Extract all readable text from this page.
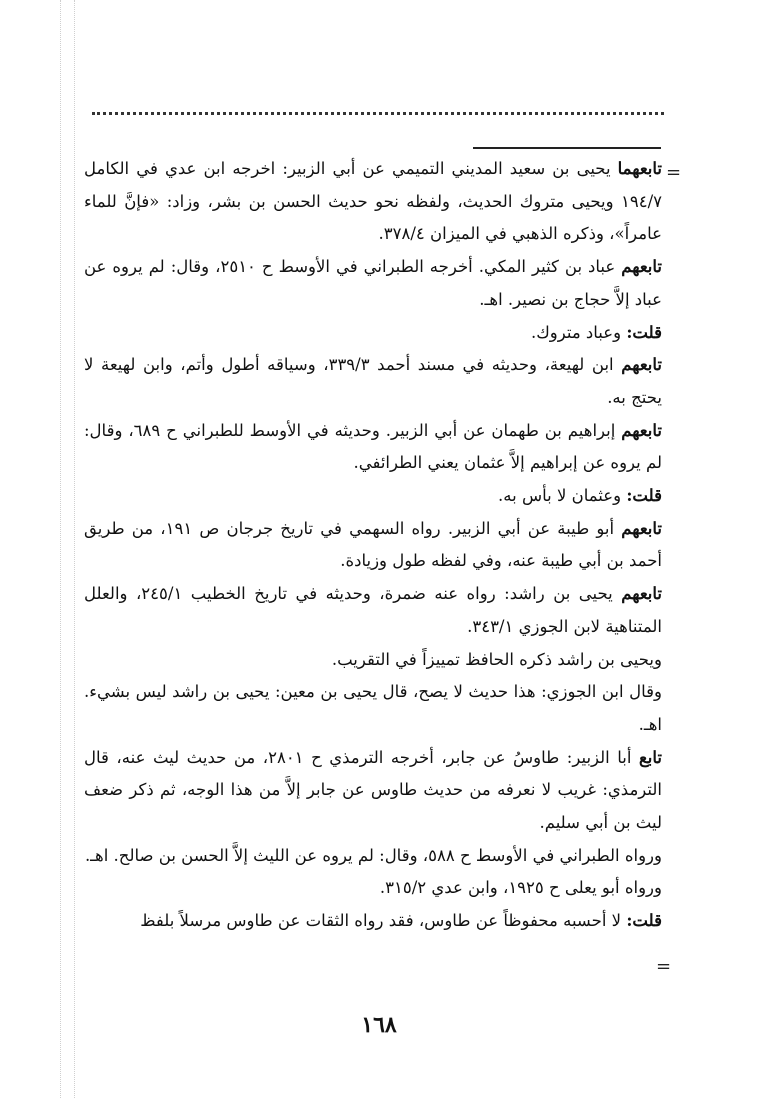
=
=

تابعهما يحيى بن سعيد المديني التميمي عن أبي الزبير: اخرجه ابن عدي في الكامل ١٩٤/٧ ويحيى متروك الحديث، ولفظه نحو حديث الحسن بن بشر، وزاد: «فإنَّ للماء عامراً»، وذكره الذهبي في الميزان ٣٧٨/٤.

تابعهم عباد بن كثير المكي. أخرجه الطبراني في الأوسط ح ٢٥١٠، وقال: لم يروه عن عباد إلاَّ حجاج بن نصير. اهـ.

قلت: وعباد متروك.

تابعهم ابن لهيعة، وحديثه في مسند أحمد ٣٣٩/٣، وسياقه أطول وأتم، وابن لهيعة لا يحتج به.

تابعهم إبراهيم بن طهمان عن أبي الزبير. وحديثه في الأوسط للطبراني ح ٦٨٩، وقال: لم يروه عن إبراهيم إلاَّ عثمان يعني الطرائفي.

قلت: وعثمان لا بأس به.

تابعهم أبو طيبة عن أبي الزبير. رواه السهمي في تاريخ جرجان ص ١٩١، من طريق أحمد بن أبي طيبة عنه، وفي لفظه طول وزيادة.

تابعهم يحيى بن راشد: رواه عنه ضمرة، وحديثه في تاريخ الخطيب ٢٤٥/١، والعلل المتناهية لابن الجوزي ٣٤٣/١.

ويحيى بن راشد ذكره الحافظ تمييزاً في التقريب.

وقال ابن الجوزي: هذا حديث لا يصح، قال يحيى بن معين: يحيى بن راشد ليس بشيء. اهـ.

تابع أبا الزبير: طاوسُ عن جابر، أخرجه الترمذي ح ٢٨٠١، من حديث ليث عنه، قال الترمذي: غريب لا نعرفه من حديث طاوس عن جابر إلاَّ من هذا الوجه، ثم ذكر ضعف ليث بن أبي سليم.

ورواه الطبراني في الأوسط ح ٥٨٨، وقال: لم يروه عن الليث إلاَّ الحسن بن صالح. اهـ.

ورواه أبو يعلى ح ١٩٢٥، وابن عدي ٣١٥/٢.

قلت: لا أحسبه محفوظاً عن طاوس، فقد رواه الثقات عن طاوس مرسلاً بلفظ

١٦٨
